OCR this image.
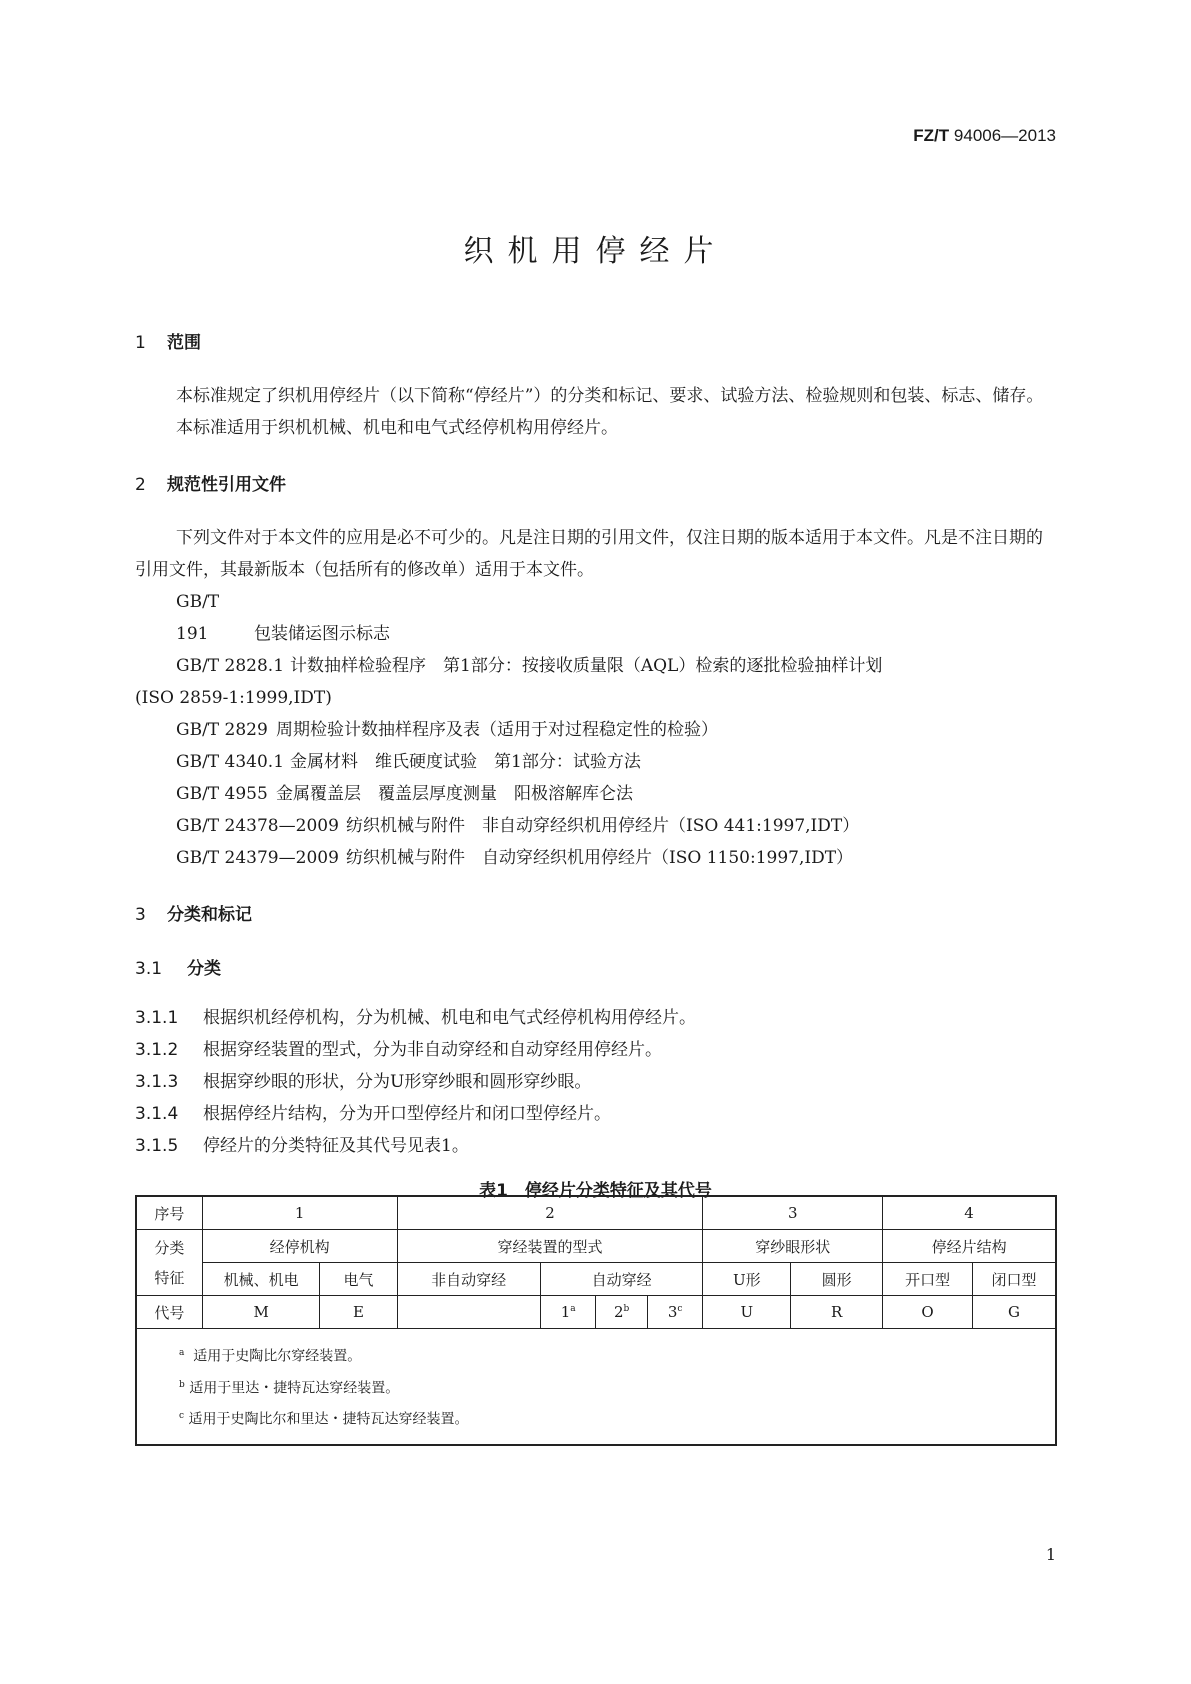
FZ/T 94006—2013
织机用停经片
1 范围

本标准规定了织机用停经片（以下简称“停经片”）的分类和标记、要求、试验方法、检验规则和包装、标志、储存。

本标准适用于织机机械、机电和电气式经停机构用停经片。

2 规范性引用文件

下列文件对于本文件的应用是必不可少的。凡是注日期的引用文件，仅注日期的版本适用于本文件。凡是不注日期的引用文件，其最新版本（包括所有的修改单）适用于本文件。

GB/T 191	包装储运图示标志

GB/T 2828.1 计数抽样检验程序　第1部分：按接收质量限（AQL）检索的逐批检验抽样计划

(ISO 2859-1:1999,IDT)

GB/T 2829 周期检验计数抽样程序及表（适用于对过程稳定性的检验）

GB/T 4340.1 金属材料　维氏硬度试验　第1部分：试验方法

GB/T 4955 金属覆盖层　覆盖层厚度测量　阳极溶解库仑法

GB/T 24378—2009 纺织机械与附件　非自动穿经织机用停经片（ISO 441:1997,IDT）

GB/T 24379—2009 纺织机械与附件　自动穿经织机用停经片（ISO 1150:1997,IDT）

3 分类和标记
3.1 分类

3.1.1 根据织机经停机构，分为机械、机电和电气式经停机构用停经片。

3.1.2 根据穿经装置的型式，分为非自动穿经和自动穿经用停经片。

3.1.3 根据穿纱眼的形状，分为U形穿纱眼和圆形穿纱眼。

3.1.4 根据停经片结构，分为开口型停经片和闭口型停经片。

3.1.5 停经片的分类特征及其代号见表1。

表1　停经片分类特征及其代号

序号	1		2				3		4	
分类
特征	经停机构		穿经装置的型式				穿纱眼形状		停经片结构	
	机械、机电	电气	非自动穿经	自动穿经			U形	圆形	开口型	闭口型
代号	M	E		1$^a$	2$^b$	3$^c$	U	R	O	G

$^a$ 适用于史陶比尔穿经装置。
$^b$ 适用于里达・捷特瓦达穿经装置。
$^c$ 适用于史陶比尔和里达・捷特瓦达穿经装置。										
1
